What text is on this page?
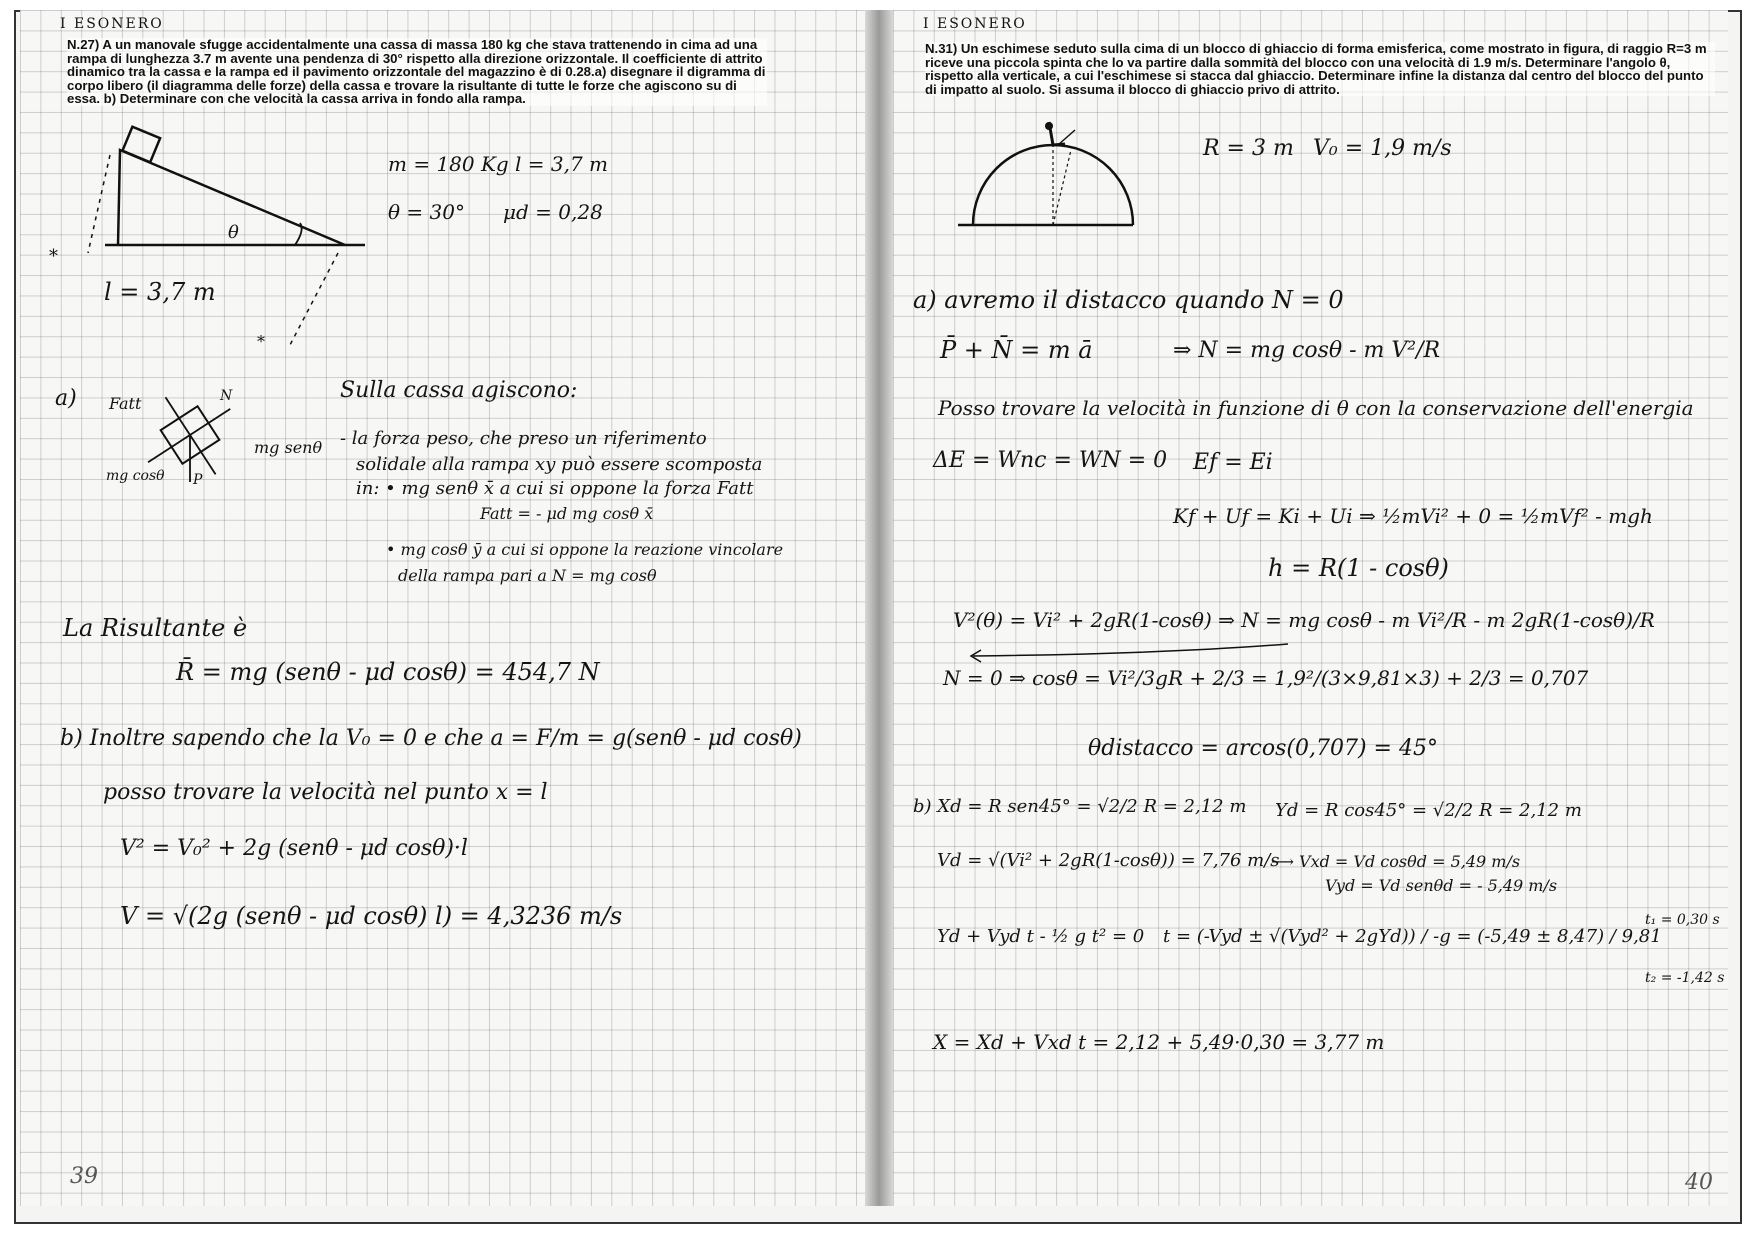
I ESONERO
N.27) A un manovale sfugge accidentalmente una cassa di massa 180 kg che stava trattenendo in cima ad una rampa di lunghezza 3.7 m avente una pendenza di 30° rispetto alla direzione orizzontale. Il coefficiente di attrito dinamico tra la cassa e la rampa ed il pavimento orizzontale del magazzino è di 0.28.a) disegnare il digramma di corpo libero (il diagramma delle forze) della cassa e trovare la risultante di tutte le forze che agiscono su di essa. b) Determinare con che velocità la cassa arriva in fondo alla rampa.
θ
*
*
l = 3,7 m
m = 180 Kg l = 3,7 m
θ = 30° μd = 0,28
a) Fatt	N
mg senθ
mg cosθ P
Sulla cassa agiscono:
- la forza peso, che preso un riferimento
solidale alla rampa xy può essere scomposta
in: • mg senθ x̄ a cui si oppone la forza Fatt
Fatt = - μd mg cosθ x̄
• mg cosθ ȳ a cui si oppone la reazione vincolare
della rampa pari a N = mg cosθ
La Risultante è
R̄ = mg (senθ - μd cosθ) = 454,7 N
b) Inoltre sapendo che la V₀ = 0 e che a = F/m = g(senθ - μd cosθ)
posso trovare la velocità nel punto x = l
V² = V₀² + 2g (senθ - μd cosθ)·l
V = √(2g (senθ - μd cosθ) l) = 4,3236 m/s
39
I ESONERO
N.31) Un eschimese seduto sulla cima di un blocco di ghiaccio di forma emisferica, come mostrato in figura, di raggio R=3 m riceve una piccola spinta che lo va partire dalla sommità del blocco con una velocità di 1.9 m/s. Determinare l'angolo θ, rispetto alla verticale, a cui l'eschimese si stacca dal ghiaccio. Determinare infine la distanza dal centro del blocco del punto di impatto al suolo. Si assuma il blocco di ghiaccio privo di attrito.
R = 3 m V₀ = 1,9 m/s
a) avremo il distacco quando N = 0
P̄ + N̄ = m ā	⇒ N = mg cosθ - m V²/R
Posso trovare la velocità in funzione di θ con la conservazione dell'energia
ΔE = Wnc = WN = 0 Ef = Ei
Kf + Uf = Ki + Ui ⇒ ½mVi² + 0 = ½mVf² - mgh
h = R(1 - cosθ)
V²(θ) = Vi² + 2gR(1-cosθ) ⇒ N = mg cosθ - m Vi²/R - m 2gR(1-cosθ)/R
N = 0 ⇒ cosθ = Vi²/3gR + 2/3 = 1,9²/(3×9,81×3) + 2/3 = 0,707
θdistacco = arcos(0,707) = 45°
b) Xd = R sen45° = √2/2 R = 2,12 m Yd = R cos45° = √2/2 R = 2,12 m
Vd = √(Vi² + 2gR(1-cosθ)) = 7,76 m/s
⟶ Vxd = Vd cosθd = 5,49 m/s
Vyd = Vd senθd = - 5,49 m/s
Yd + Vyd t - ½ g t² = 0 t = (-Vyd ± √(Vyd² + 2gYd)) / -g = (-5,49 ± 8,47) / 9,81
t₁ = 0,30 s
t₂ = -1,42 s
X = Xd + Vxd t = 2,12 + 5,49·0,30 = 3,77 m
40
